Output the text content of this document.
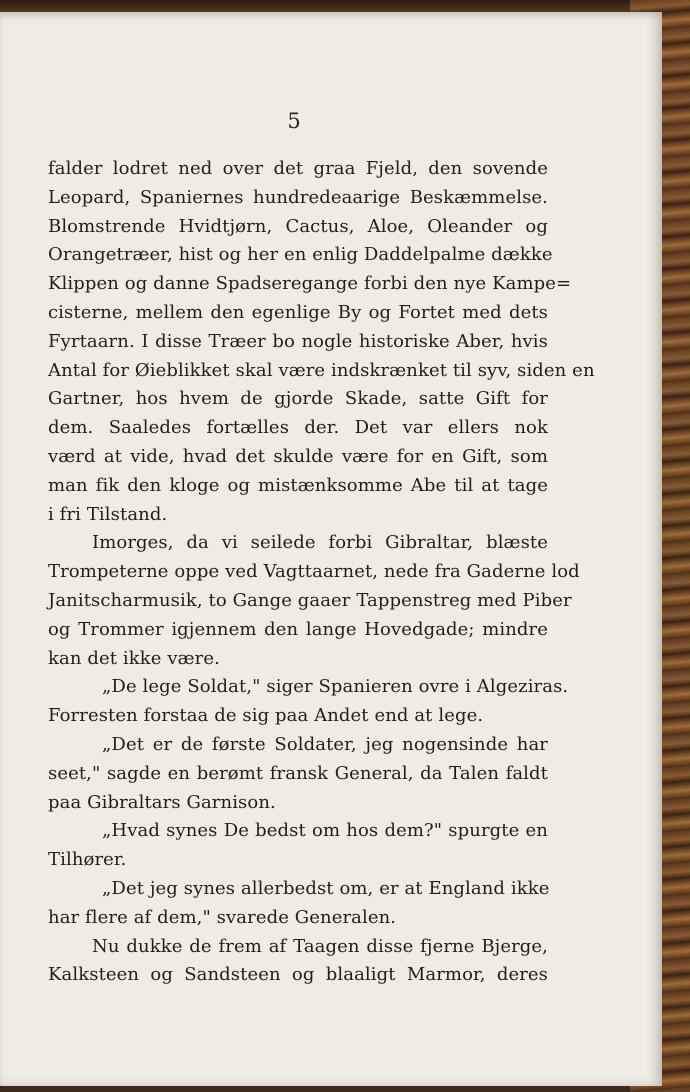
5
falder lodret ned over det graa Fjeld, den sovende
Leopard, Spaniernes hundredeaarige Beskæmmelse.
Blomstrende Hvidtjørn, Cactus, Aloe, Oleander og
Orangetræer, hist og her en enlig Daddelpalme dække
Klippen og danne Spadseregange forbi den nye Kampe=
cisterne, mellem den egenlige By og Fortet med dets
Fyrtaarn. I disse Træer bo nogle historiske Aber, hvis
Antal for Øieblikket skal være indskrænket til syv, siden en
Gartner, hos hvem de gjorde Skade, satte Gift for
dem. Saaledes fortælles der. Det var ellers nok
værd at vide, hvad det skulde være for en Gift, som
man fik den kloge og mistænksomme Abe til at tage
i fri Tilstand.
Imorges, da vi seilede forbi Gibraltar, blæste
Trompeterne oppe ved Vagttaarnet, nede fra Gaderne lod
Janitscharmusik, to Gange gaaer Tappenstreg med Piber
og Trommer igjennem den lange Hovedgade; mindre
kan det ikke være.
„De lege Soldat," siger Spanieren ovre i Algeziras.
Forresten forstaa de sig paa Andet end at lege.
„Det er de første Soldater, jeg nogensinde har
seet," sagde en berømt fransk General, da Talen faldt
paa Gibraltars Garnison.
„Hvad synes De bedst om hos dem?" spurgte en
Tilhører.
„Det jeg synes allerbedst om, er at England ikke
har flere af dem," svarede Generalen.
Nu dukke de frem af Taagen disse fjerne Bjerge,
Kalksteen og Sandsteen og blaaligt Marmor, deres
